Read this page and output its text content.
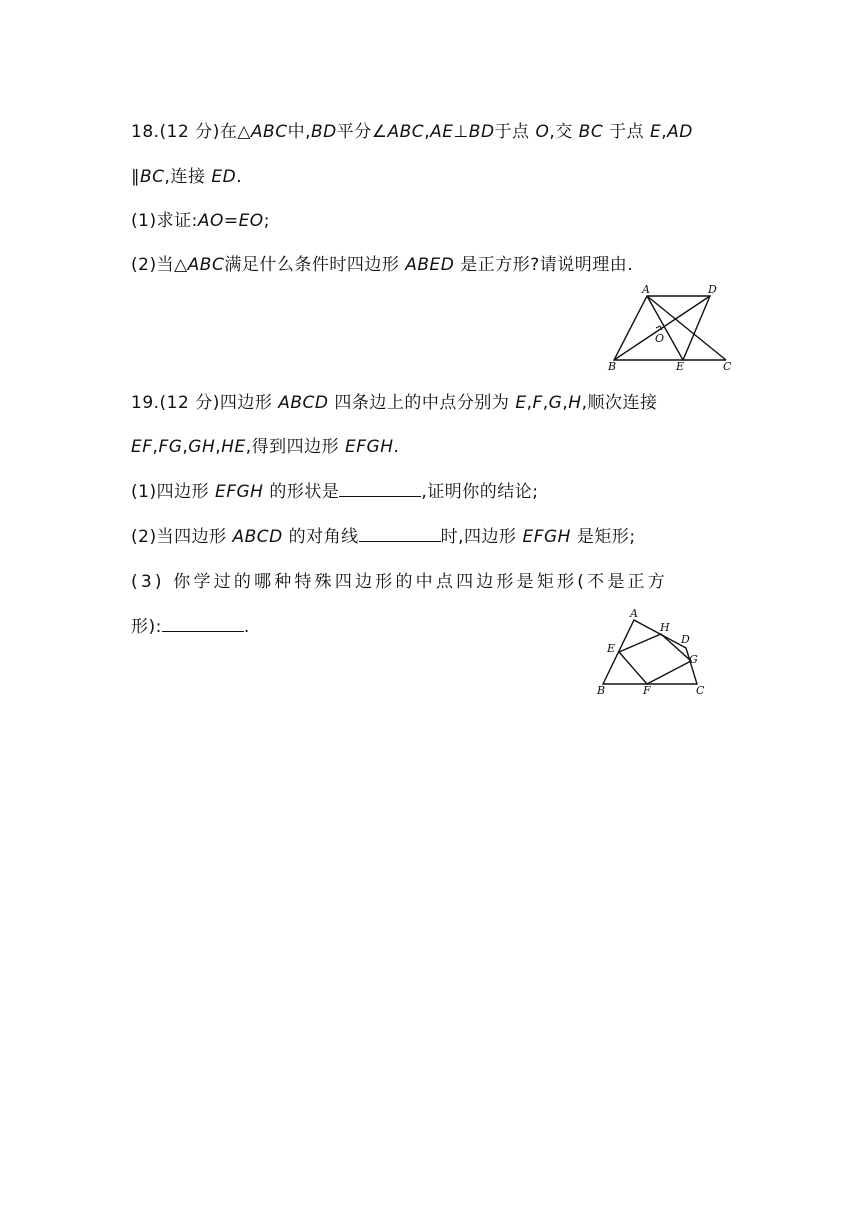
18.(12 分)在△ABC中,BD平分∠ABC,AE⊥BD于点 O,交 BC 于点 E,AD
∥BC,连接 ED.
(1)求证:AO=EO;
(2)当△ABC满足什么条件时四边形 ABED 是正方形?请说明理由.
A	D
O
B	E	C
19.(12 分)四边形 ABCD 四条边上的中点分别为 E,F,G,H,顺次连接
EF,FG,GH,HE,得到四边形 EFGH.
(1)四边形 EFGH 的形状是	,证明你的结论;
(2)当四边形 ABCD 的对角线	时,四边形 EFGH 是矩形;
(3) 你学过的哪种特殊四边形的中点四边形是矩形(不是正方
形):	.
A
H
D
E
G
B	F	C
